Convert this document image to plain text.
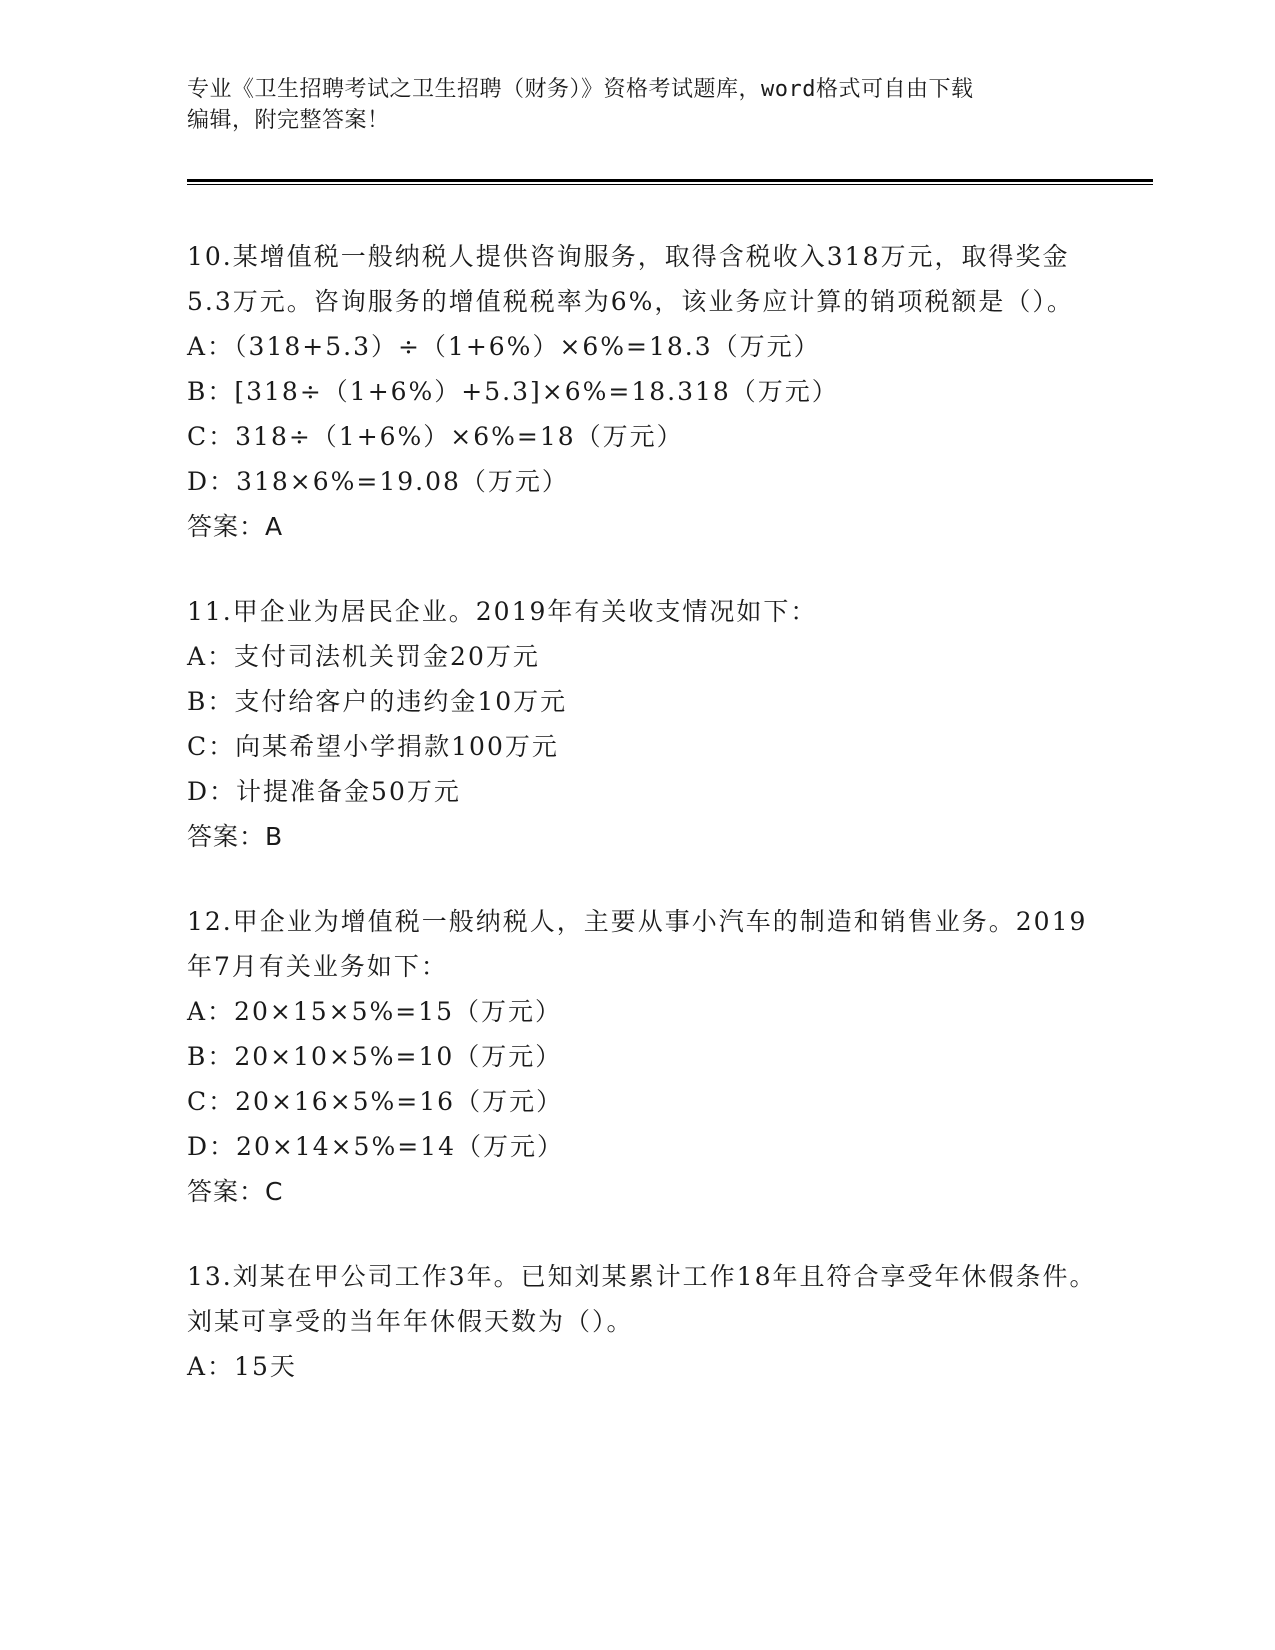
专业《卫生招聘考试之卫生招聘（财务）》资格考试题库，word格式可自由下载
编辑，附完整答案！

10.某增值税一般纳税人提供咨询服务，取得含税收入318万元，取得奖金5.3万元。咨询服务的增值税税率为6%，该业务应计算的销项税额是（）。

A：（318+5.3）÷（1+6%）×6%=18.3（万元）
B：[318÷（1+6%）+5.3]×6%=18.318（万元）
C：318÷（1+6%）×6%=18（万元）
D：318×6%=19.08（万元）
答案：A

11.甲企业为居民企业。2019年有关收支情况如下：

A：支付司法机关罚金20万元
B：支付给客户的违约金10万元
C：向某希望小学捐款100万元
D：计提准备金50万元
答案：B

12.甲企业为增值税一般纳税人，主要从事小汽车的制造和销售业务。2019年7月有关业务如下：

A：20×15×5%=15（万元）
B：20×10×5%=10（万元）
C：20×16×5%=16（万元）
D：20×14×5%=14（万元）
答案：C

13.刘某在甲公司工作3年。已知刘某累计工作18年且符合享受年休假条件。刘某可享受的当年年休假天数为（）。

A：15天
